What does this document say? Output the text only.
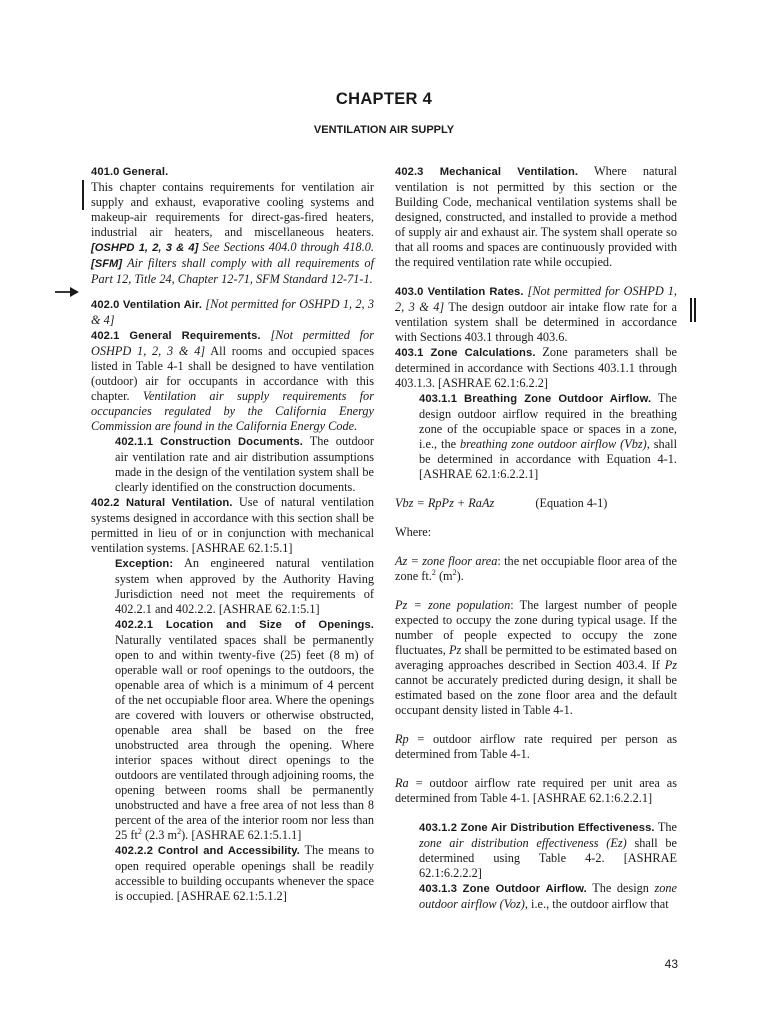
CHAPTER 4
VENTILATION AIR SUPPLY

401.0 General.

This chapter contains requirements for ventilation air supply and exhaust, evaporative cooling systems and makeup-air requirements for direct-gas-fired heaters, industrial air heaters, and miscellaneous heaters. [OSHPD 1, 2, 3 & 4] See Sections 404.0 through 418.0. [SFM] Air filters shall comply with all requirements of Part 12, Title 24, Chapter 12-71, SFM Standard 12-71-1.

402.0 Ventilation Air. [Not permitted for OSHPD 1, 2, 3 & 4]

402.1 General Requirements. [Not permitted for OSHPD 1, 2, 3 & 4] All rooms and occupied spaces listed in Table 4-1 shall be designed to have ventilation (outdoor) air for occupants in accordance with this chapter. Ventilation air supply requirements for occupancies regulated by the California Energy Commission are found in the California Energy Code.

402.1.1 Construction Documents. The outdoor air ventilation rate and air distribution assumptions made in the design of the ventilation system shall be clearly identified on the construction documents.

402.2 Natural Ventilation. Use of natural ventilation systems designed in accordance with this section shall be permitted in lieu of or in conjunction with mechanical ventilation systems. [ASHRAE 62.1:5.1]

Exception: An engineered natural ventilation system when approved by the Authority Having Jurisdiction need not meet the requirements of 402.2.1 and 402.2.2. [ASHRAE 62.1:5.1]

402.2.1 Location and Size of Openings. Naturally ventilated spaces shall be permanently open to and within twenty-five (25) feet (8 m) of operable wall or roof openings to the outdoors, the openable area of which is a minimum of 4 percent of the net occupiable floor area. Where the openings are covered with louvers or otherwise obstructed, openable area shall be based on the free unobstructed area through the opening. Where interior spaces without direct openings to the outdoors are ventilated through adjoining rooms, the opening between rooms shall be permanently unobstructed and have a free area of not less than 8 percent of the area of the interior room nor less than 25 $ft^2$ (2.3 $m^2$). [ASHRAE 62.1:5.1.1]

402.2.2 Control and Accessibility. The means to open required operable openings shall be readily accessible to building occupants whenever the space is occupied. [ASHRAE 62.1:5.1.2]

402.3 Mechanical Ventilation. Where natural ventilation is not permitted by this section or the Building Code, mechanical ventilation systems shall be designed, constructed, and installed to provide a method of supply air and exhaust air. The system shall operate so that all rooms and spaces are continuously provided with the required ventilation rate while occupied.

403.0 Ventilation Rates. [Not permitted for OSHPD 1, 2, 3 & 4] The design outdoor air intake flow rate for a ventilation system shall be determined in accordance with Sections 403.1 through 403.6.

403.1 Zone Calculations. Zone parameters shall be determined in accordance with Sections 403.1.1 through 403.1.3. [ASHRAE 62.1:6.2.2]

403.1.1 Breathing Zone Outdoor Airflow. The design outdoor airflow required in the breathing zone of the occupiable space or spaces in a zone, i.e., the breathing zone outdoor airflow (Vbz), shall be determined in accordance with Equation 4-1. [ASHRAE 62.1:6.2.2.1]

Vbz = RpPz + RaAz	(Equation 4-1)

Where:

Az = zone floor area: the net occupiable floor area of the zone ft.$^2$ $(m^2)$.

Pz = zone population: The largest number of people expected to occupy the zone during typical usage. If the number of people expected to occupy the zone fluctuates, Pz shall be permitted to be estimated based on averaging approaches described in Section 403.4. If Pz cannot be accurately predicted during design, it shall be estimated based on the zone floor area and the default occupant density listed in Table 4-1.

Rp = outdoor airflow rate required per person as determined from Table 4-1.

Ra = outdoor airflow rate required per unit area as determined from Table 4-1. [ASHRAE 62.1:6.2.2.1]

403.1.2 Zone Air Distribution Effectiveness. The zone air distribution effectiveness (Ez) shall be determined using Table 4-2. [ASHRAE 62.1:6.2.2.2]

403.1.3 Zone Outdoor Airflow. The design zone outdoor airflow (Voz), i.e., the outdoor airflow that

43
